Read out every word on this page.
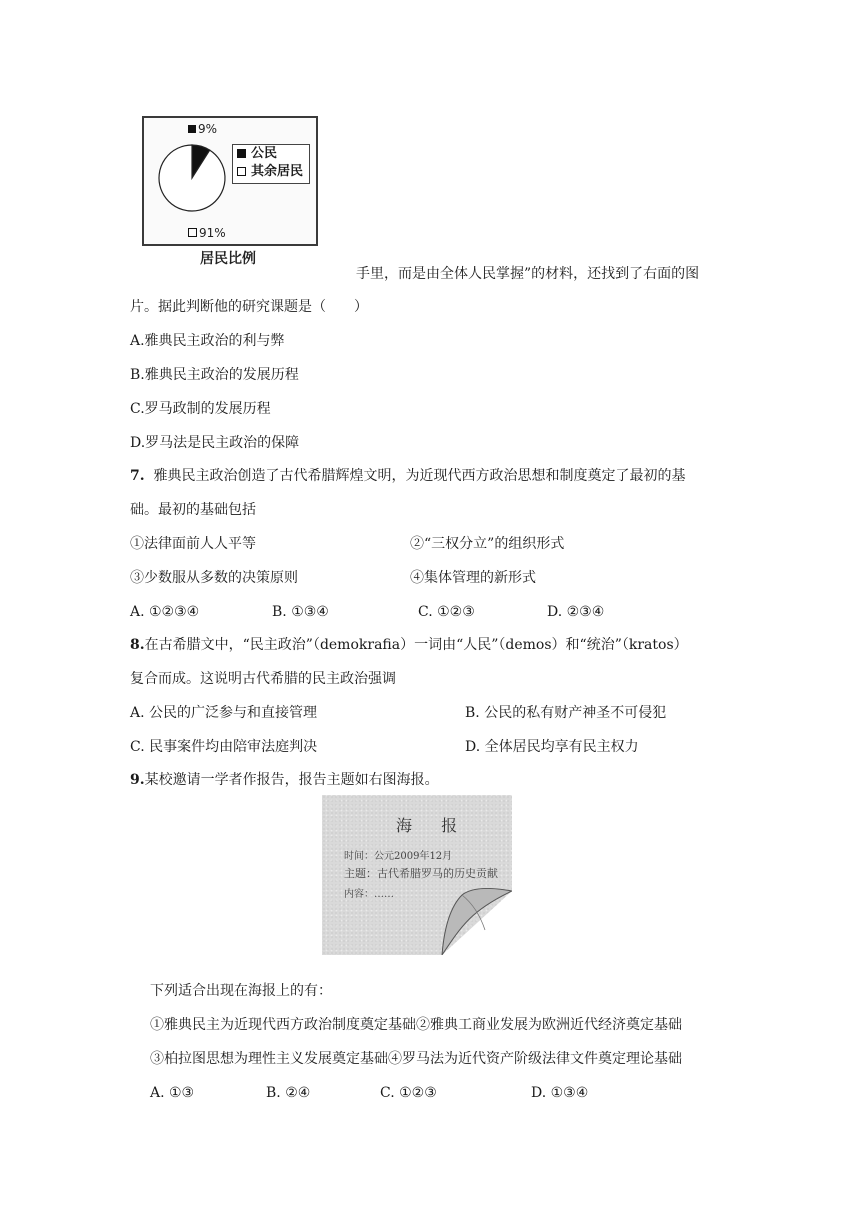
9%
公民
其余居民
91%
居民比例
手里，而是由全体人民掌握”的材料，还找到了右面的图
片。据此判断他的研究课题是（　　）
A.雅典民主政治的利与弊
B.雅典民主政治的发展历程
C.罗马政制的发展历程
D.罗马法是民主政治的保障
7. 雅典民主政治创造了古代希腊辉煌文明，为近现代西方政治思想和制度奠定了最初的基
础。最初的基础包括
①法律面前人人平等	②“三权分立”的组织形式
③少数服从多数的决策原则	④集体管理的新形式
A. ①②③④	B. ①③④	C. ①②③	D. ②③④
8.在古希腊文中，“民主政治”（demokrafia）一词由“人民”（demos）和“统治”（kratos）
复合而成。这说明古代希腊的民主政治强调
A. 公民的广泛参与和直接管理	B. 公民的私有财产神圣不可侵犯
C. 民事案件均由陪审法庭判决	D. 全体居民均享有民主权力
9.某校邀请一学者作报告，报告主题如右图海报。
海 报
时间：公元2009年12月
主题：古代希腊罗马的历史贡献
内容：……
下列适合出现在海报上的有：
①雅典民主为近现代西方政治制度奠定基础②雅典工商业发展为欧洲近代经济奠定基础
③柏拉图思想为理性主义发展奠定基础④罗马法为近代资产阶级法律文件奠定理论基础
A. ①③	B. ②④	C. ①②③	D. ①③④
